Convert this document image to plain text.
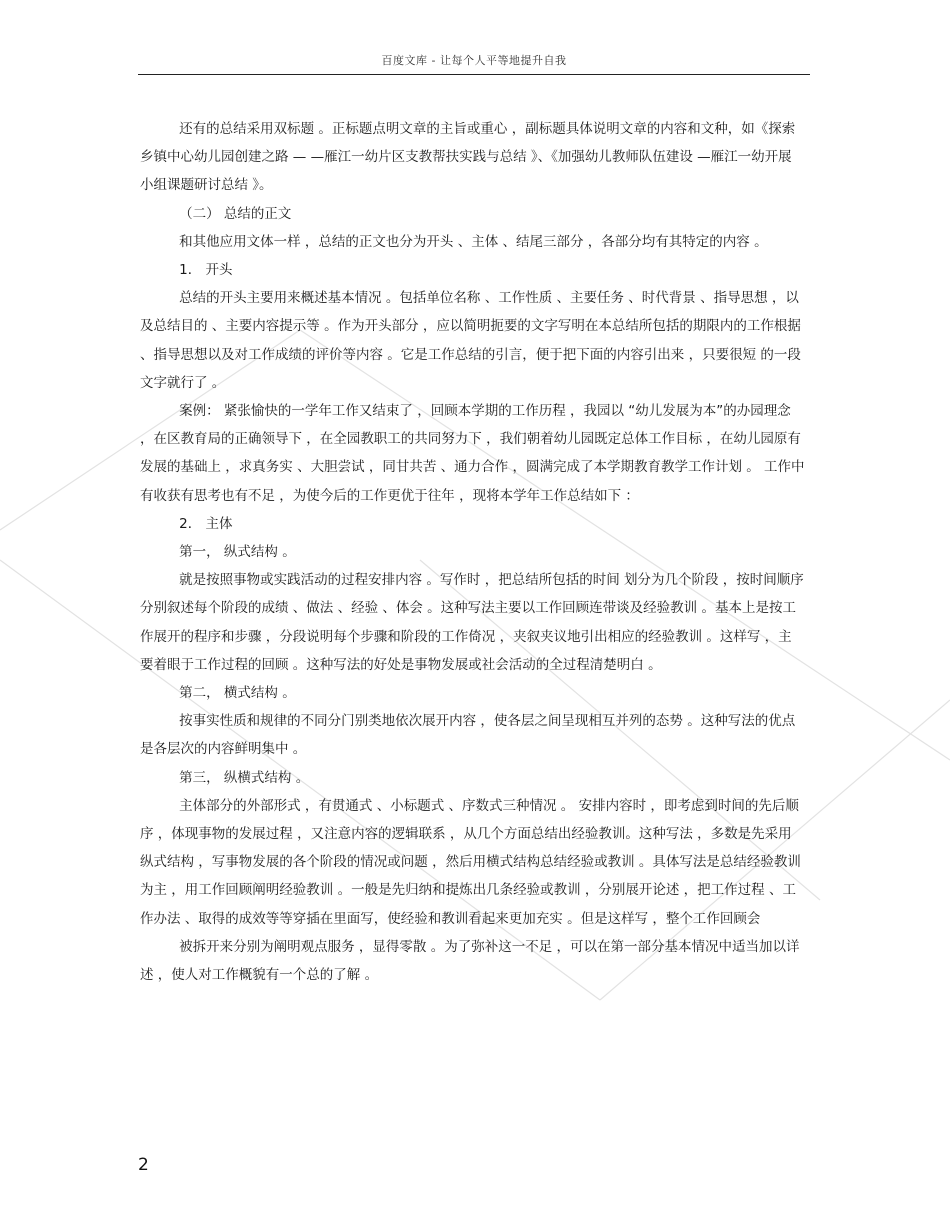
百度文库 - 让每个人平等地提升自我

还有的总结采用双标题 。正标题点明文章的主旨或重心 ，副标题具体说明文章的内容和文种，如《探索乡镇中心幼儿园创建之路 — —雁江一幼片区支教帮扶实践与总结 》、《加强幼儿教师队伍建设 —雁江一幼开展小组课题研讨总结 》。

（二） 总结的正文

和其他应用文体一样 ，总结的正文也分为开头 、主体 、结尾三部分 ，各部分均有其特定的内容 。

1． 开头

总结的开头主要用来概述基本情况 。包括单位名称 、工作性质 、主要任务 、时代背景 、指导思想 ，以及总结目的 、主要内容提示等 。作为开头部分 ，应以简明扼要的文字写明在本总结所包括的期限内的工作根据 、指导思想以及对工作成绩的评价等内容 。它是工作总结的引言，便于把下面的内容引出来 ，只要很短 的一段文字就行了 。

案例： 紧张愉快的一学年工作又结束了 ，回顾本学期的工作历程 ，我园以 “幼儿发展为本”的办园理念 ，在区教育局的正确领导下 ，在全园教职工的共同努力下 ，我们朝着幼儿园既定总体工作目标 ，在幼儿园原有发展的基础上 ，求真务实 、大胆尝试 ，同甘共苦 、通力合作 ，圆满完成了本学期教育教学工作计划 。 工作中有收获有思考也有不足 ，为使今后的工作更优于往年 ，现将本学年工作总结如下 ：

2． 主体

第一， 纵式结构 。

就是按照事物或实践活动的过程安排内容 。写作时 ，把总结所包括的时间 划分为几个阶段 ，按时间顺序分别叙述每个阶段的成绩 、做法 、经验 、体会 。这种写法主要以工作回顾连带谈及经验教训 。基本上是按工作展开的程序和步骤 ，分段说明每个步骤和阶段的工作倚况 ，夹叙夹议地引出相应的经验教训 。这样写 ，主要着眼于工作过程的回顾 。这种写法的好处是事物发展或社会活动的全过程清楚明白 。

第二， 横式结构 。

按事实性质和规律的不同分门别类地依次展开内容 ，使各层之间呈现相互并列的态势 。这种写法的优点是各层次的内容鲜明集中 。

第三， 纵横式结构 。

主体部分的外部形式 ，有贯通式 、小标题式 、序数式三种情况 。 安排内容时 ，即考虑到时间的先后顺序 ，体现事物的发展过程 ，又注意内容的逻辑联系 ，从几个方面总结出经验教训。这种写法 ，多数是先采用纵式结构 ，写事物发展的各个阶段的情况或问题 ，然后用横式结构总结经验或教训 。具体写法是总结经验教训为主 ，用工作回顾阐明经验教训 。一般是先归纳和提炼出几条经验或教训 ，分别展开论述 ，把工作过程 、工作办法 、取得的成效等等穿插在里面写，使经验和教训看起来更加充实 。但是这样写 ，整个工作回顾会

被拆开来分别为阐明观点服务 ，显得零散 。为了弥补这一不足 ，可以在第一部分基本情况中适当加以详述 ，使人对工作概貌有一个总的了解 。

2
